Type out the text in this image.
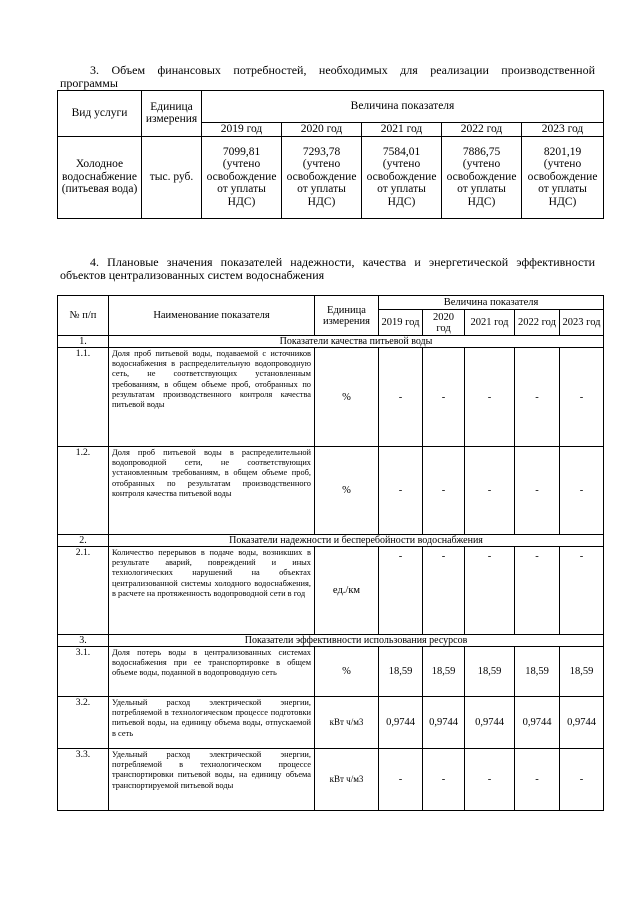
3. Объем финансовых потребностей, необходимых для реализации производственной
программы
Вид услуги	Единица измерения	Величина показателя				
		2019 год	2020 год	2021 год	2022 год	2023 год
Холодное водоснабжение (питьевая вода)	тыс. руб.	7099,81 (учтено освобождение от уплаты НДС)	7293,78 (учтено освобождение от уплаты НДС)	7584,01 (учтено освобождение от уплаты НДС)	7886,75 (учтено освобождение от уплаты НДС)	8201,19 (учтено освобождение от уплаты НДС)
4. Плановые значения показателей надежности, качества и энергетической эффективности
объектов централизованных систем водоснабжения
№ п/п	Наименование показателя	Единица измерения	Величина показателя				
			2019 год	2020 год	2021 год	2022 год	2023 год
1.	Показатели качества питьевой воды						
1.1.	Доля проб питьевой воды, подаваемой с источников водоснабжения в распределительную водопроводную сеть, не соответствующих установленным требованиям, в общем объеме проб, отобранных по результатам производственного контроля качества питьевой воды	%	-	-	-	-	-
1.2.	Доля проб питьевой воды в распределительной водопроводной сети, не соответствующих установленным требованиям, в общем объеме проб, отобранных по результатам производственного контроля качества питьевой воды	%	-	-	-	-	-
2.	Показатели надежности и бесперебойности водоснабжения						
2.1.	Количество перерывов в подаче воды, возникших в результате аварий, повреждений и иных технологических нарушений на объектах централизованной системы холодного водоснабжения, в расчете на протяженность водопроводной сети в год	ед./км	-	-	-	-	-
3.	Показатели эффективности использования ресурсов						
3.1.	Доля потерь воды в централизованных системах водоснабжения при ее транспортировке в общем объеме воды, поданной в водопроводную сеть	%	18,59	18,59	18,59	18,59	18,59
3.2.	Удельный расход электрической энергии, потребляемой в технологическом процессе подготовки питьевой воды, на единицу объема воды, отпускаемой в сеть	кВт ч/м3	0,9744	0,9744	0,9744	0,9744	0,9744
3.3.	Удельный расход электрической энергии, потребляемой в технологическом процессе транспортировки питьевой воды, на единицу объема транспортируемой питьевой воды	кВт ч/м3	-	-	-	-	-
